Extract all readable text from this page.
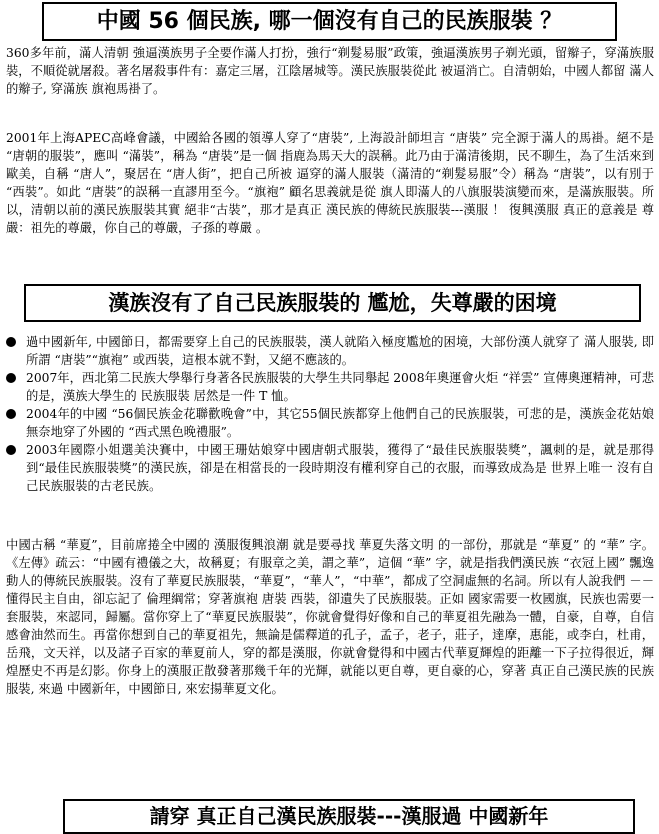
中國 56 個民族, 哪一個沒有自己的民族服裝 ？
360多年前，滿人清朝 強逼漢族男子全要作滿人打扮，強行“剃髮易服”政策，強逼漢族男子剃光頭，留辮子，穿滿族服裝，不順從就屠殺。著名屠殺事件有：嘉定三屠，江陰屠城等。漢民族服裝從此 被逼消亡。自清朝始，中國人都留 滿人的辮子, 穿滿族 旗袍馬褂了。
2001年上海APEC高峰會議，中國給各國的領導人穿了“唐裝”, 上海設計師坦言 “唐裝” 完全源于滿人的馬褂。絕不是 “唐朝的服裝”，應叫 “滿裝”，稱為 “唐裝”是一個 指鹿為馬天大的誤稱。此乃由于滿清後期，民不聊生，為了生活來到歐美，自稱 “唐人”，聚居在 “唐人街”，把自己所被 逼穿的滿人服裝（滿清的“剃髮易服”令）稱為 “唐裝”，以有別于 “西裝”。如此 “唐裝”的誤稱一直謬用至今。“旗袍” 顧名思義就是從 旗人即滿人的八旗服裝演變而來，是滿族服裝。所以，清朝以前的漢民族服裝其實 絕非“古裝”，那才是真正 漢民族的傳統民族服裝---漢服 ！ 復興漢服 真正的意義是 尊嚴：祖先的尊嚴，你自己的尊嚴，子孫的尊嚴 。
漢族沒有了自己民族服裝的 尷尬，失尊嚴的困境
過中國新年, 中國節日，都需要穿上自己的民族服裝，漢人就陷入極度尷尬的困境，大部份漢人就穿了 滿人服裝, 即所謂 “唐裝”“旗袍” 或西裝，這根本就不對，又絕不應該的。
2007年，西北第二民族大學舉行身著各民族服裝的大學生共同舉起 2008年奧運會火炬 “祥雲” 宣傳奧運精神，可悲的是，漢族大學生的 民族服裝 居然是一件 T 恤。
2004年的中國 “56個民族金花聯歡晚會”中，其它55個民族都穿上他們自己的民族服裝，可悲的是，漢族金花姑娘 無奈地穿了外國的 “西式黑色晚禮服”。
2003年國際小姐選美決賽中，中國王珊姑娘穿中國唐朝式服裝，獲得了“最佳民族服裝獎”，諷刺的是，就是那得到“最佳民族服裝獎”的漢民族，卻是在相當長的一段時期沒有權利穿自己的衣服，而導致成為是 世界上唯一 沒有自己民族服裝的古老民族。
中國古稱 “華夏”，目前席捲全中國的 漢服復興浪潮 就是要尋找 華夏失落文明 的一部份，那就是 “華夏” 的 “華” 字。《左傳》疏云：“中國有禮儀之大，故稱夏；有服章之美，謂之華”，這個 “華” 字，就是指我們漢民族 “衣冠上國” 飄逸動人的傳統民族服裝。沒有了華夏民族服裝，“華夏”，“華人”，“中華”，都成了空洞虛無的名詞。所以有人說我們 －－ 懂得民主自由，卻忘記了 倫理綱常；穿著旗袍 唐裝 西裝，卻遺失了民族服裝。正如 國家需要一枚國旗，民族也需要一套服裝，來認同，歸屬。當你穿上了“華夏民族服裝”，你就會覺得好像和自己的華夏祖先融為一體，自豪，自尊，自信感會油然而生。再當你想到自己的華夏祖先，無論是儒釋道的孔子，孟子，老子，莊子，達摩，惠能，或李白，杜甫，岳飛，文天祥，以及諸子百家的華夏前人，穿的都是漢服，你就會覺得和中國古代華夏輝煌的距離一下子拉得很近，輝煌歷史不再是幻影。你身上的漢服正散發著那幾千年的光輝，就能以更自尊，更自豪的心，穿著 真正自己漢民族的民族服裝, 來過 中國新年，中國節日, 來宏揚華夏文化。
請穿 真正自己漢民族服裝---漢服過 中國新年
